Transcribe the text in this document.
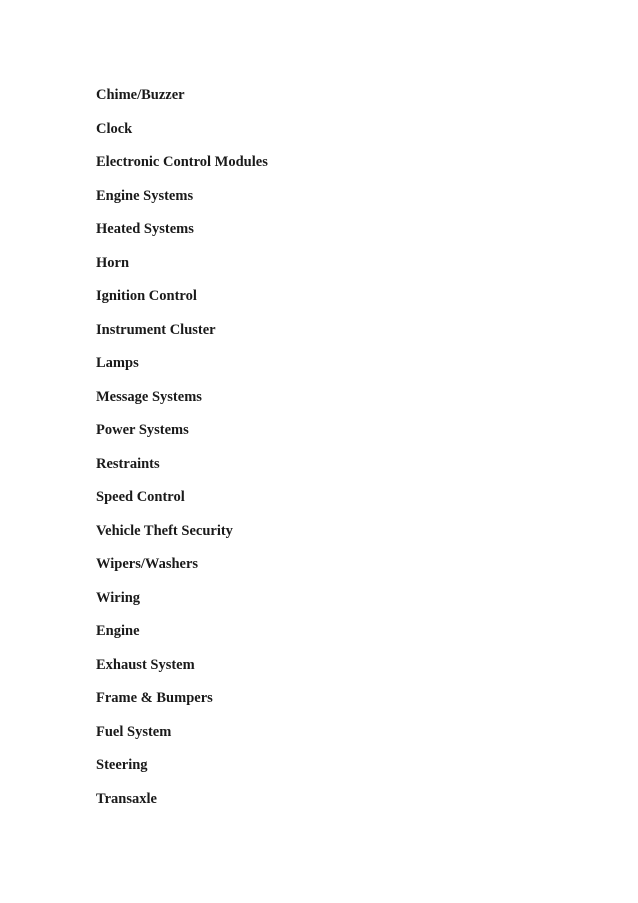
Chime/Buzzer
Clock
Electronic Control Modules
Engine Systems
Heated Systems
Horn
Ignition Control
Instrument Cluster
Lamps
Message Systems
Power Systems
Restraints
Speed Control
Vehicle Theft Security
Wipers/Washers
Wiring
Engine
Exhaust System
Frame & Bumpers
Fuel System
Steering
Transaxle
